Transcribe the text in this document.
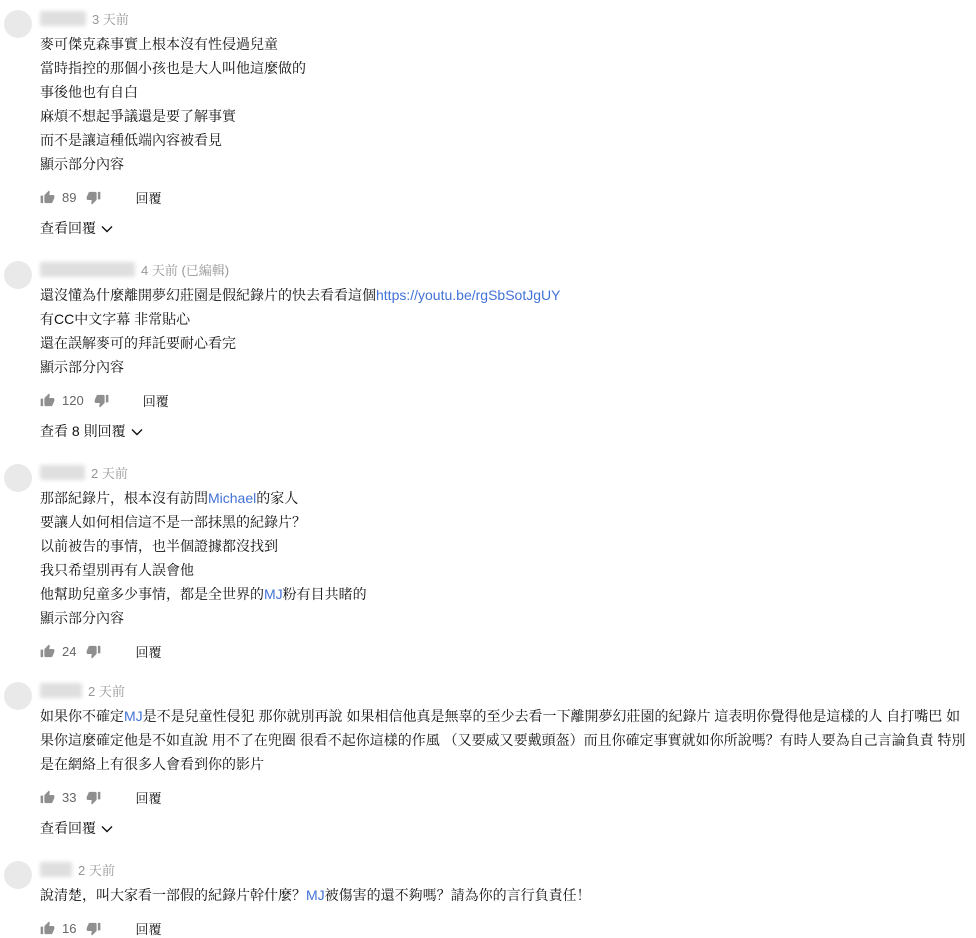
3 天前

麥可傑克森事實上根本沒有性侵過兒童

當時指控的那個小孩也是大人叫他這麼做的

事後他也有自白

麻煩不想起爭議還是要了解事實

而不是讓這種低端內容被看見

顯示部分內容
89	回覆
查看回覆
4 天前 (已編輯)

還沒懂為什麼離開夢幻莊園是假紀錄片的快去看看這個https://youtu.be/rgSbSotJgUY

有CC中文字幕 非常貼心

還在誤解麥可的拜託要耐心看完

顯示部分內容
120	回覆
查看 8 則回覆
2 天前

那部紀錄片，根本沒有訪問Michael的家人

要讓人如何相信這不是一部抹黑的紀錄片？

以前被告的事情，也半個證據都沒找到

我只希望別再有人誤會他

他幫助兒童多少事情，都是全世界的MJ粉有目共睹的

顯示部分內容
24	回覆
2 天前

如果你不確定MJ是不是兒童性侵犯 那你就別再說 如果相信他真是無辜的至少去看一下離開夢幻莊園的紀錄片 這表明你覺得他是這樣的人 自打嘴巴 如果你這麼確定他是不如直說 用不了在兜圈 很看不起你這樣的作風 （又要威又要戴頭盔）而且你確定事實就如你所說嗎？有時人要為自己言論負責 特別是在網絡上有很多人會看到你的影片

33	回覆
查看回覆
2 天前

說清楚，叫大家看一部假的紀錄片幹什麼？MJ被傷害的還不夠嗎？請為你的言行負責任！

16	回覆
